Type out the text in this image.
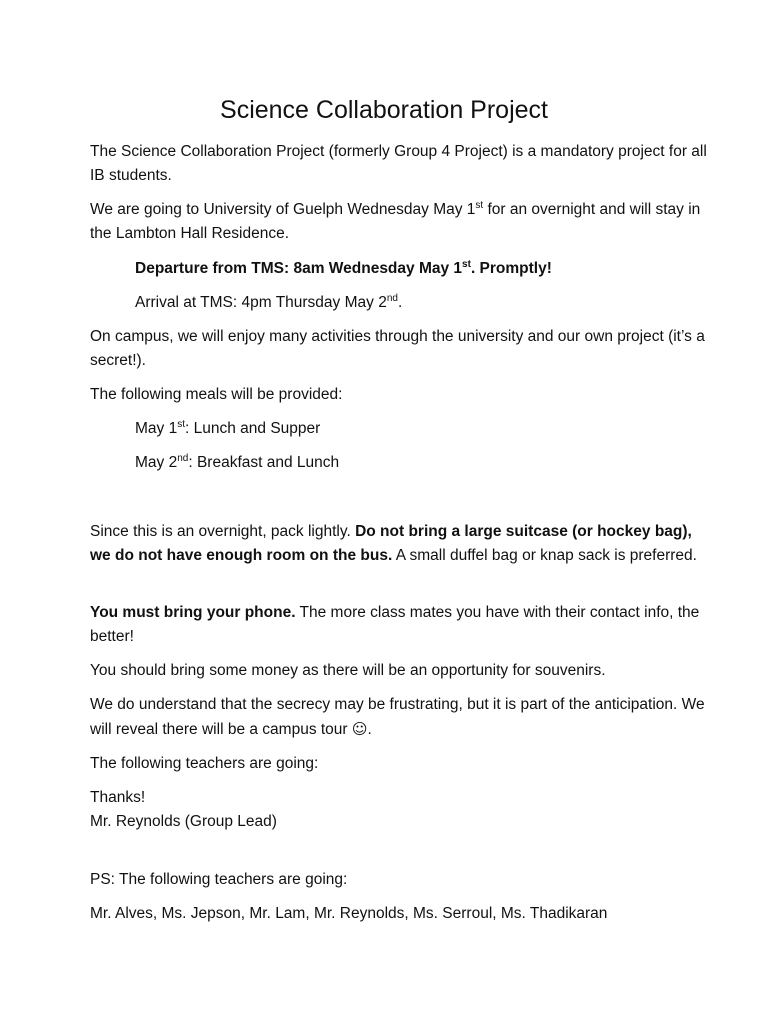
Science Collaboration Project

The Science Collaboration Project (formerly Group 4 Project) is a mandatory project for all IB students.

We are going to University of Guelph Wednesday May 1st for an overnight and will stay in the Lambton Hall Residence.

Departure from TMS: 8am Wednesday May 1st. Promptly!

Arrival at TMS: 4pm Thursday May 2nd.

On campus, we will enjoy many activities through the university and our own project (it’s a secret!).

The following meals will be provided:

May 1st: Lunch and Supper

May 2nd: Breakfast and Lunch

Since this is an overnight, pack lightly. Do not bring a large suitcase (or hockey bag), we do not have enough room on the bus. A small duffel bag or knap sack is preferred.

You must bring your phone. The more class mates you have with their contact info, the better!

You should bring some money as there will be an opportunity for souvenirs.

We do understand that the secrecy may be frustrating, but it is part of the anticipation. We will reveal there will be a campus tour ☺.

The following teachers are going:

Thanks!

Mr. Reynolds (Group Lead)

PS: The following teachers are going:

Mr. Alves, Ms. Jepson, Mr. Lam, Mr. Reynolds, Ms. Serroul, Ms. Thadikaran
